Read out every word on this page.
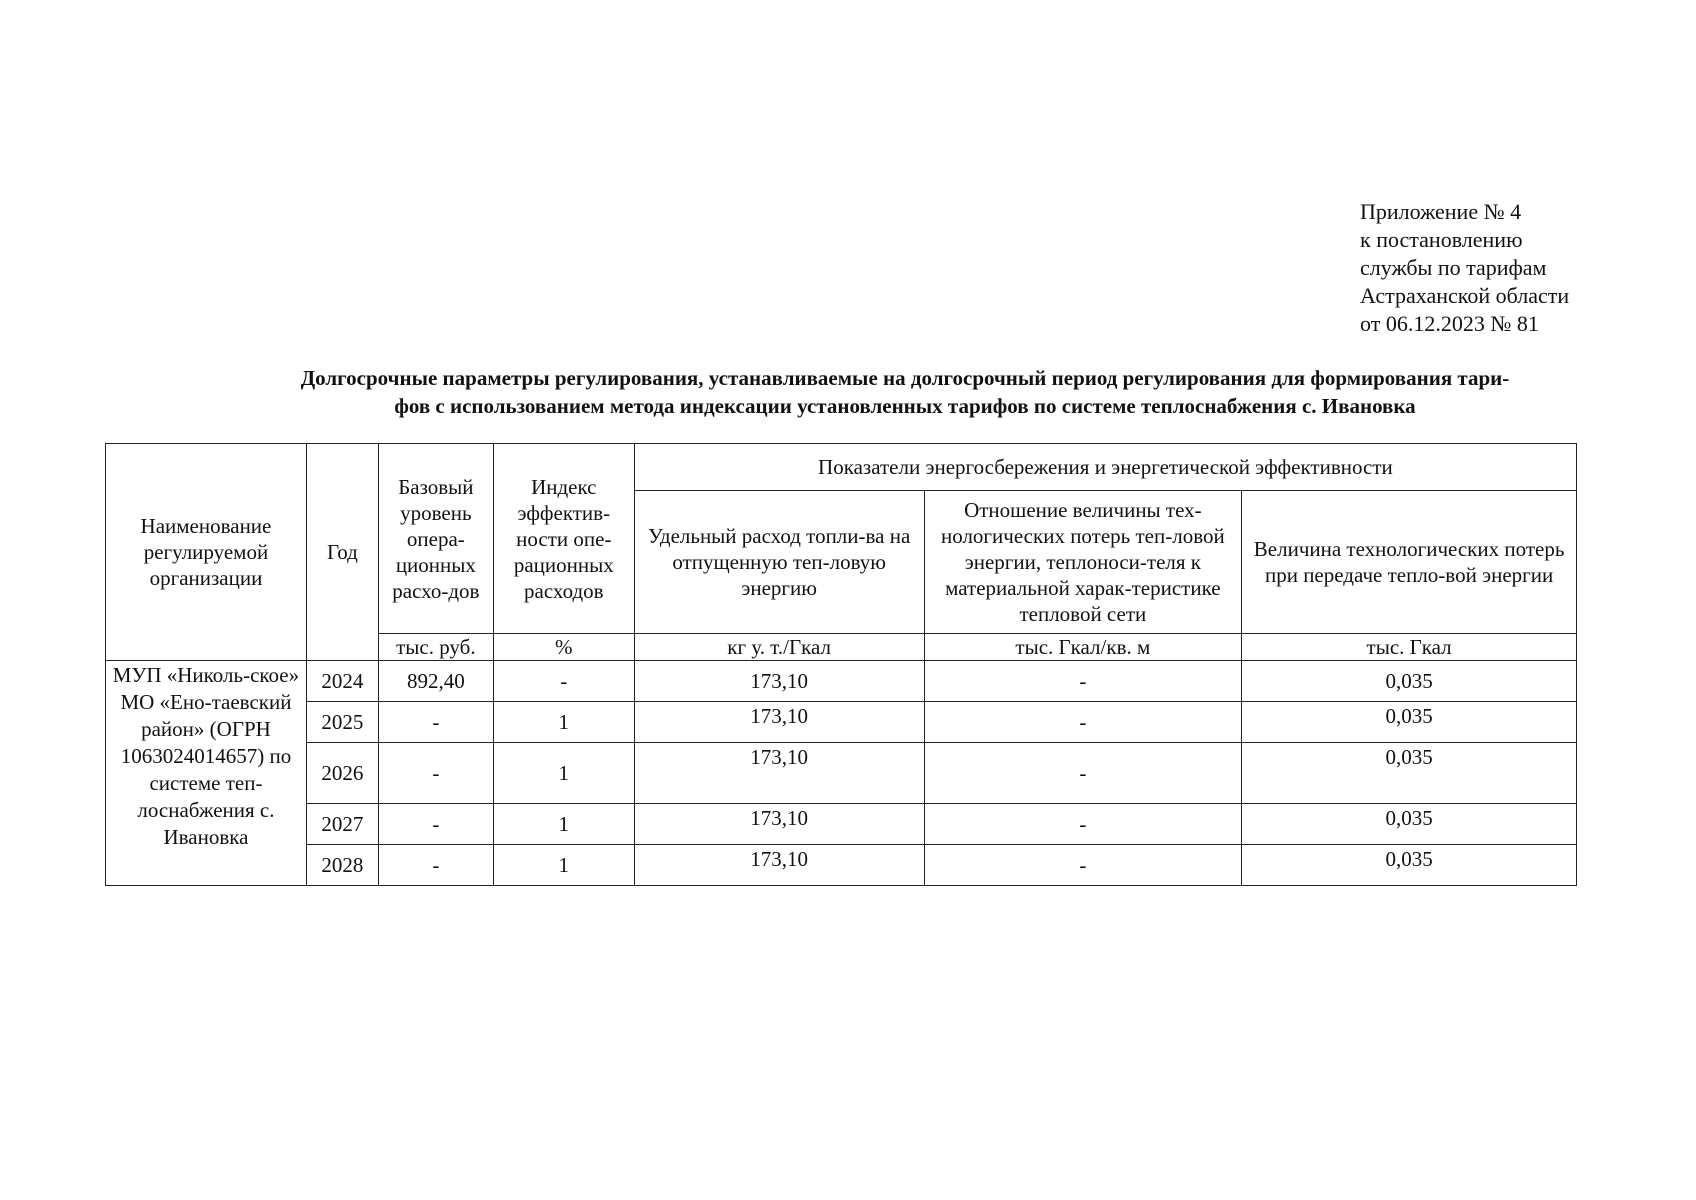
Приложение № 4
к постановлению
службы по тарифам
Астраханской области
от 06.12.2023 № 81
Долгосрочные параметры регулирования, устанавливаемые на долгосрочный период регулирования для формирования тари-
фов с использованием метода индексации установленных тарифов по системе теплоснабжения с. Ивановка
Наименование регулируемой организации	Год	Базовый уровень опера-ционных расхо-дов	Индекс эффектив-ности опе-рационных расходов	Показатели энергосбережения и энергетической эффективности		
				Удельный расход топли-ва на отпущенную теп-ловую энергию	Отношение величины тех-нологических потерь теп-ловой энергии, теплоноси-теля к материальной харак-теристике тепловой сети	Величина технологических потерь при передаче тепло-вой энергии
		тыс. руб.	%	кг у. т./Гкал	тыс. Гкал/кв. м	тыс. Гкал
МУП «Николь-ское» МО «Ено-таевский район» (ОГРН 1063024014657) по системе теп-лоснабжения с. Ивановка	2024	892,40	-	173,10	-	0,035
	2025	-	1	173,10	-	0,035
	2026	-	1	173,10	-	0,035
	2027	-	1	173,10	-	0,035
	2028	-	1	173,10	-	0,035
